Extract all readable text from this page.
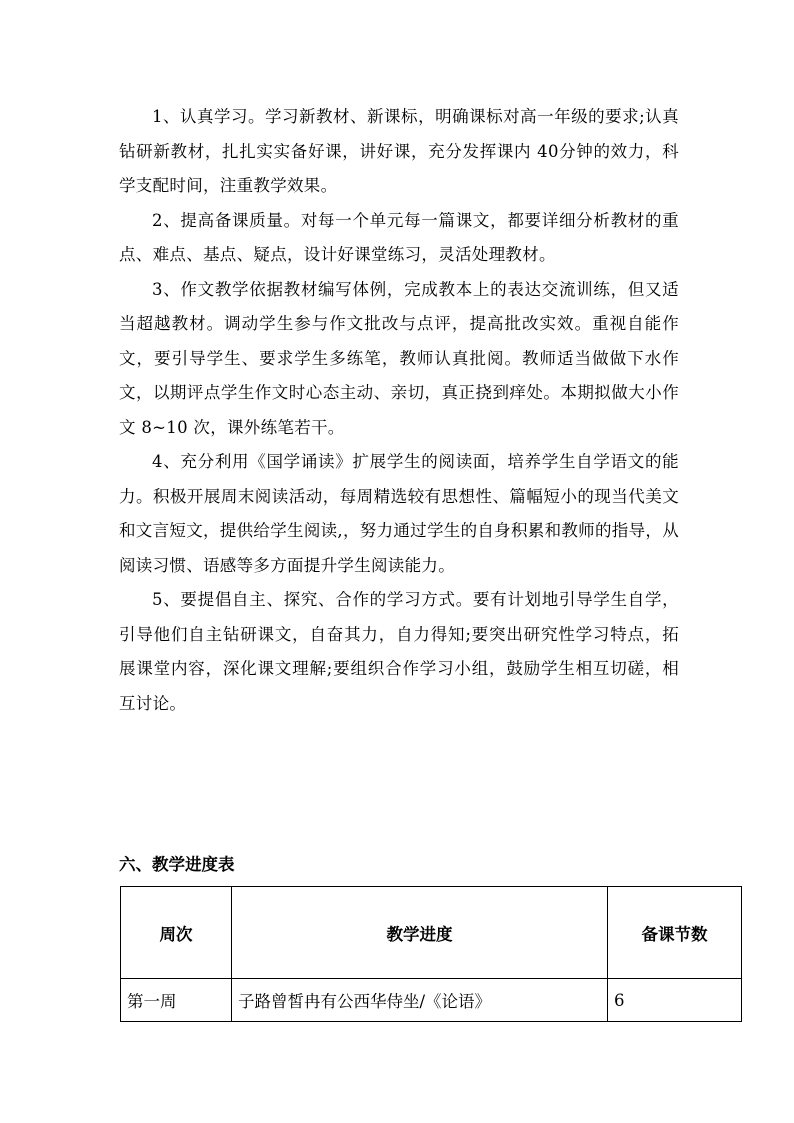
1、认真学习。学习新教材、新课标，明确课标对高一年级的要求;认真钻研新教材，扎扎实实备好课，讲好课，充分发挥课内 40分钟的效力，科学支配时间，注重教学效果。

2、提高备课质量。对每一个单元每一篇课文，都要详细分析教材的重点、难点、基点、疑点，设计好课堂练习，灵活处理教材。

3、作文教学依据教材编写体例，完成教本上的表达交流训练，但又适当超越教材。调动学生参与作文批改与点评，提高批改实效。重视自能作文，要引导学生、要求学生多练笔，教师认真批阅。教师适当做做下水作文，以期评点学生作文时心态主动、亲切，真正挠到痒处。本期拟做大小作文 8~10 次，课外练笔若干。

4、充分利用《国学诵读》扩展学生的阅读面，培养学生自学语文的能力。积极开展周末阅读活动，每周精选较有思想性、篇幅短小的现当代美文和文言短文，提供给学生阅读,，努力通过学生的自身积累和教师的指导，从阅读习惯、语感等多方面提升学生阅读能力。

5、要提倡自主、探究、合作的学习方式。要有计划地引导学生自学，引导他们自主钻研课文，自奋其力，自力得知;要突出研究性学习特点，拓展课堂内容，深化课文理解;要组织合作学习小组，鼓励学生相互切磋，相互讨论。

六、教学进度表

周次	教学进度	备课节数
第一周	子路曾皙冉有公西华侍坐/《论语》	6
